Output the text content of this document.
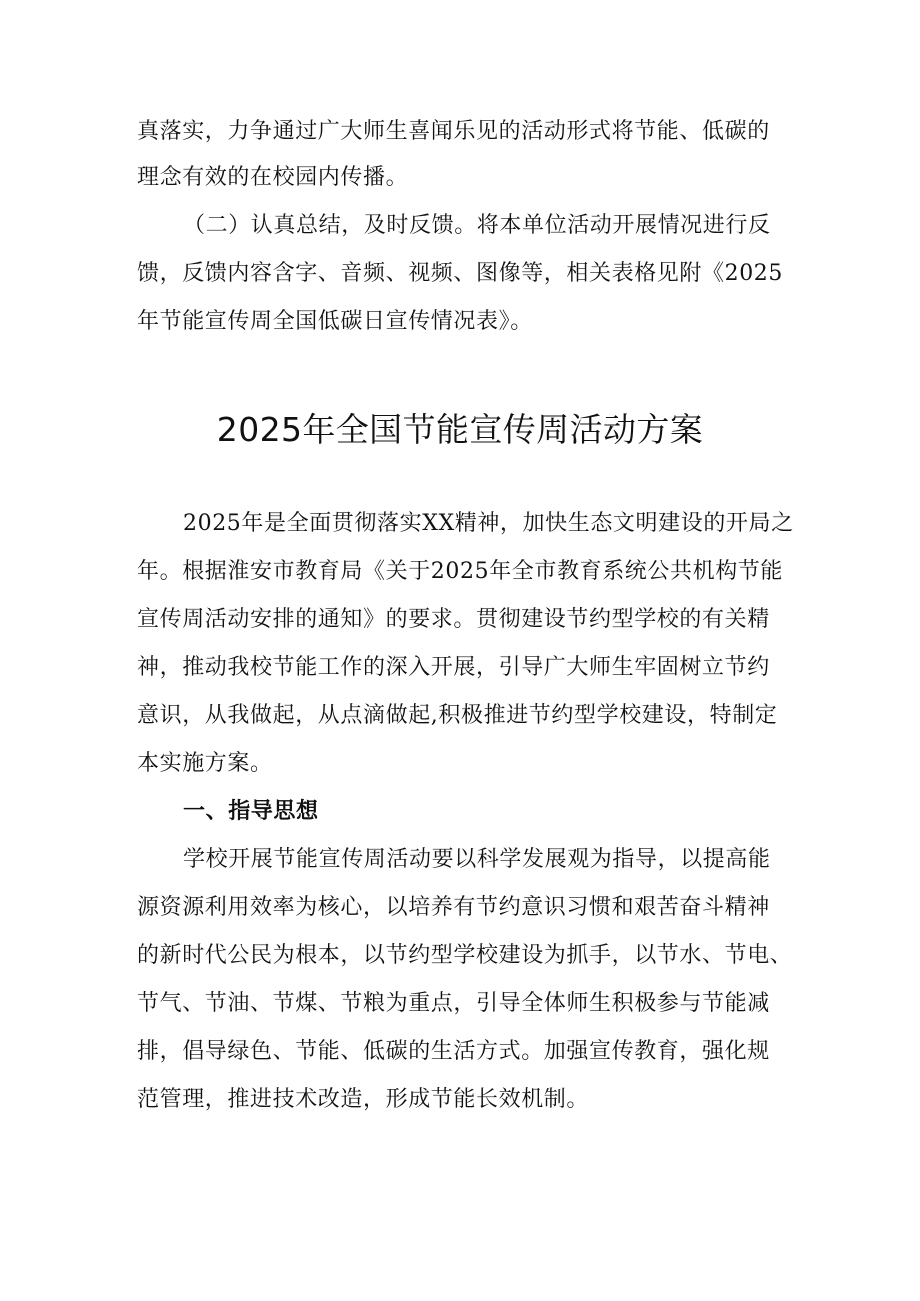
真落实，力争通过广大师生喜闻乐见的活动形式将节能、低碳的
理念有效的在校园内传播。
（二）认真总结，及时反馈。将本单位活动开展情况进行反
馈，反馈内容含字、音频、视频、图像等，相关表格见附《2025
年节能宣传周全国低碳日宣传情况表》。
2025年全国节能宣传周活动方案
2025年是全面贯彻落实XX精神，加快生态文明建设的开局之
年。根据淮安市教育局《关于2025年全市教育系统公共机构节能
宣传周活动安排的通知》的要求。贯彻建设节约型学校的有关精
神，推动我校节能工作的深入开展，引导广大师生牢固树立节约
意识，从我做起，从点滴做起,积极推进节约型学校建设，特制定
本实施方案。
一、指导思想
学校开展节能宣传周活动要以科学发展观为指导，以提高能
源资源利用效率为核心，以培养有节约意识习惯和艰苦奋斗精神
的新时代公民为根本，以节约型学校建设为抓手，以节水、节电、
节气、节油、节煤、节粮为重点，引导全体师生积极参与节能减
排，倡导绿色、节能、低碳的生活方式。加强宣传教育，强化规
范管理，推进技术改造，形成节能长效机制。
